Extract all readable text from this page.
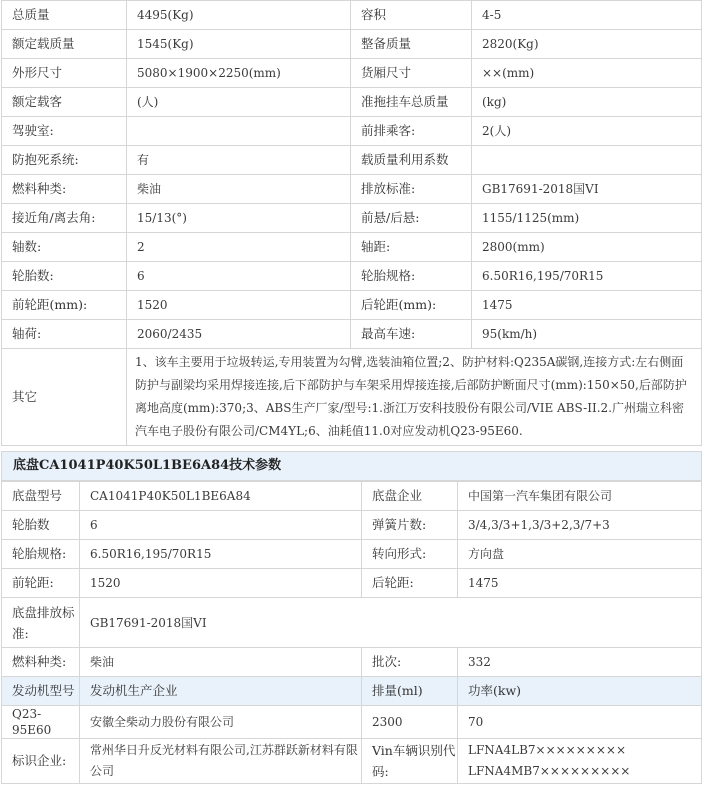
总质量	4495(Kg)	容积	4-5
额定载质量	1545(Kg)	整备质量	2820(Kg)
外形尺寸	5080×1900×2250(mm)	货厢尺寸	××(mm)
额定载客	(人)	准拖挂车总质量	(kg)
驾驶室:		前排乘客:	2(人)
防抱死系统:	有	载质量利用系数	
燃料种类:	柴油	排放标准:	GB17691-2018国VI
接近角/离去角:	15/13(°)	前悬/后悬:	1155/1125(mm)
轴数:	2	轴距:	2800(mm)
轮胎数:	6	轮胎规格:	6.50R16,195/70R15
前轮距(mm):	1520	后轮距(mm):	1475
轴荷:	2060/2435	最高车速:	95(km/h)
其它	1、该车主要用于垃圾转运,专用装置为勾臂,选装油箱位置;2、防护材料:Q235A碳钢,连接方式:左右侧面防护与副梁均采用焊接连接,后下部防护与车架采用焊接连接,后部防护断面尺寸(mm):150×50,后部防护离地高度(mm):370;3、ABS生产厂家/型号:1.浙江万安科技股份有限公司/VIE ABS-II.2.广州瑞立科密汽车电子股份有限公司/CM4YL;6、油耗值11.0对应发动机Q23-95E60.		
底盘CA1041P40K50L1BE6A84技术参数
底盘型号	CA1041P40K50L1BE6A84	底盘企业	中国第一汽车集团有限公司
轮胎数	6	弹簧片数:	3/4,3/3+1,3/3+2,3/7+3
轮胎规格:	6.50R16,195/70R15	转向形式:	方向盘
前轮距:	1520	后轮距:	1475
底盘排放标准:	GB17691-2018国VI		
燃料种类:	柴油	批次:	332
发动机型号	发动机生产企业	排量(ml)	功率(kw)
Q23-95E60	安徽全柴动力股份有限公司	2300	70
标识企业:	常州华日升反光材料有限公司,江苏群跃新材料有限公司	Vin车辆识别代码:	LFNA4LB7××××××××× LFNA4MB7×××××××××
